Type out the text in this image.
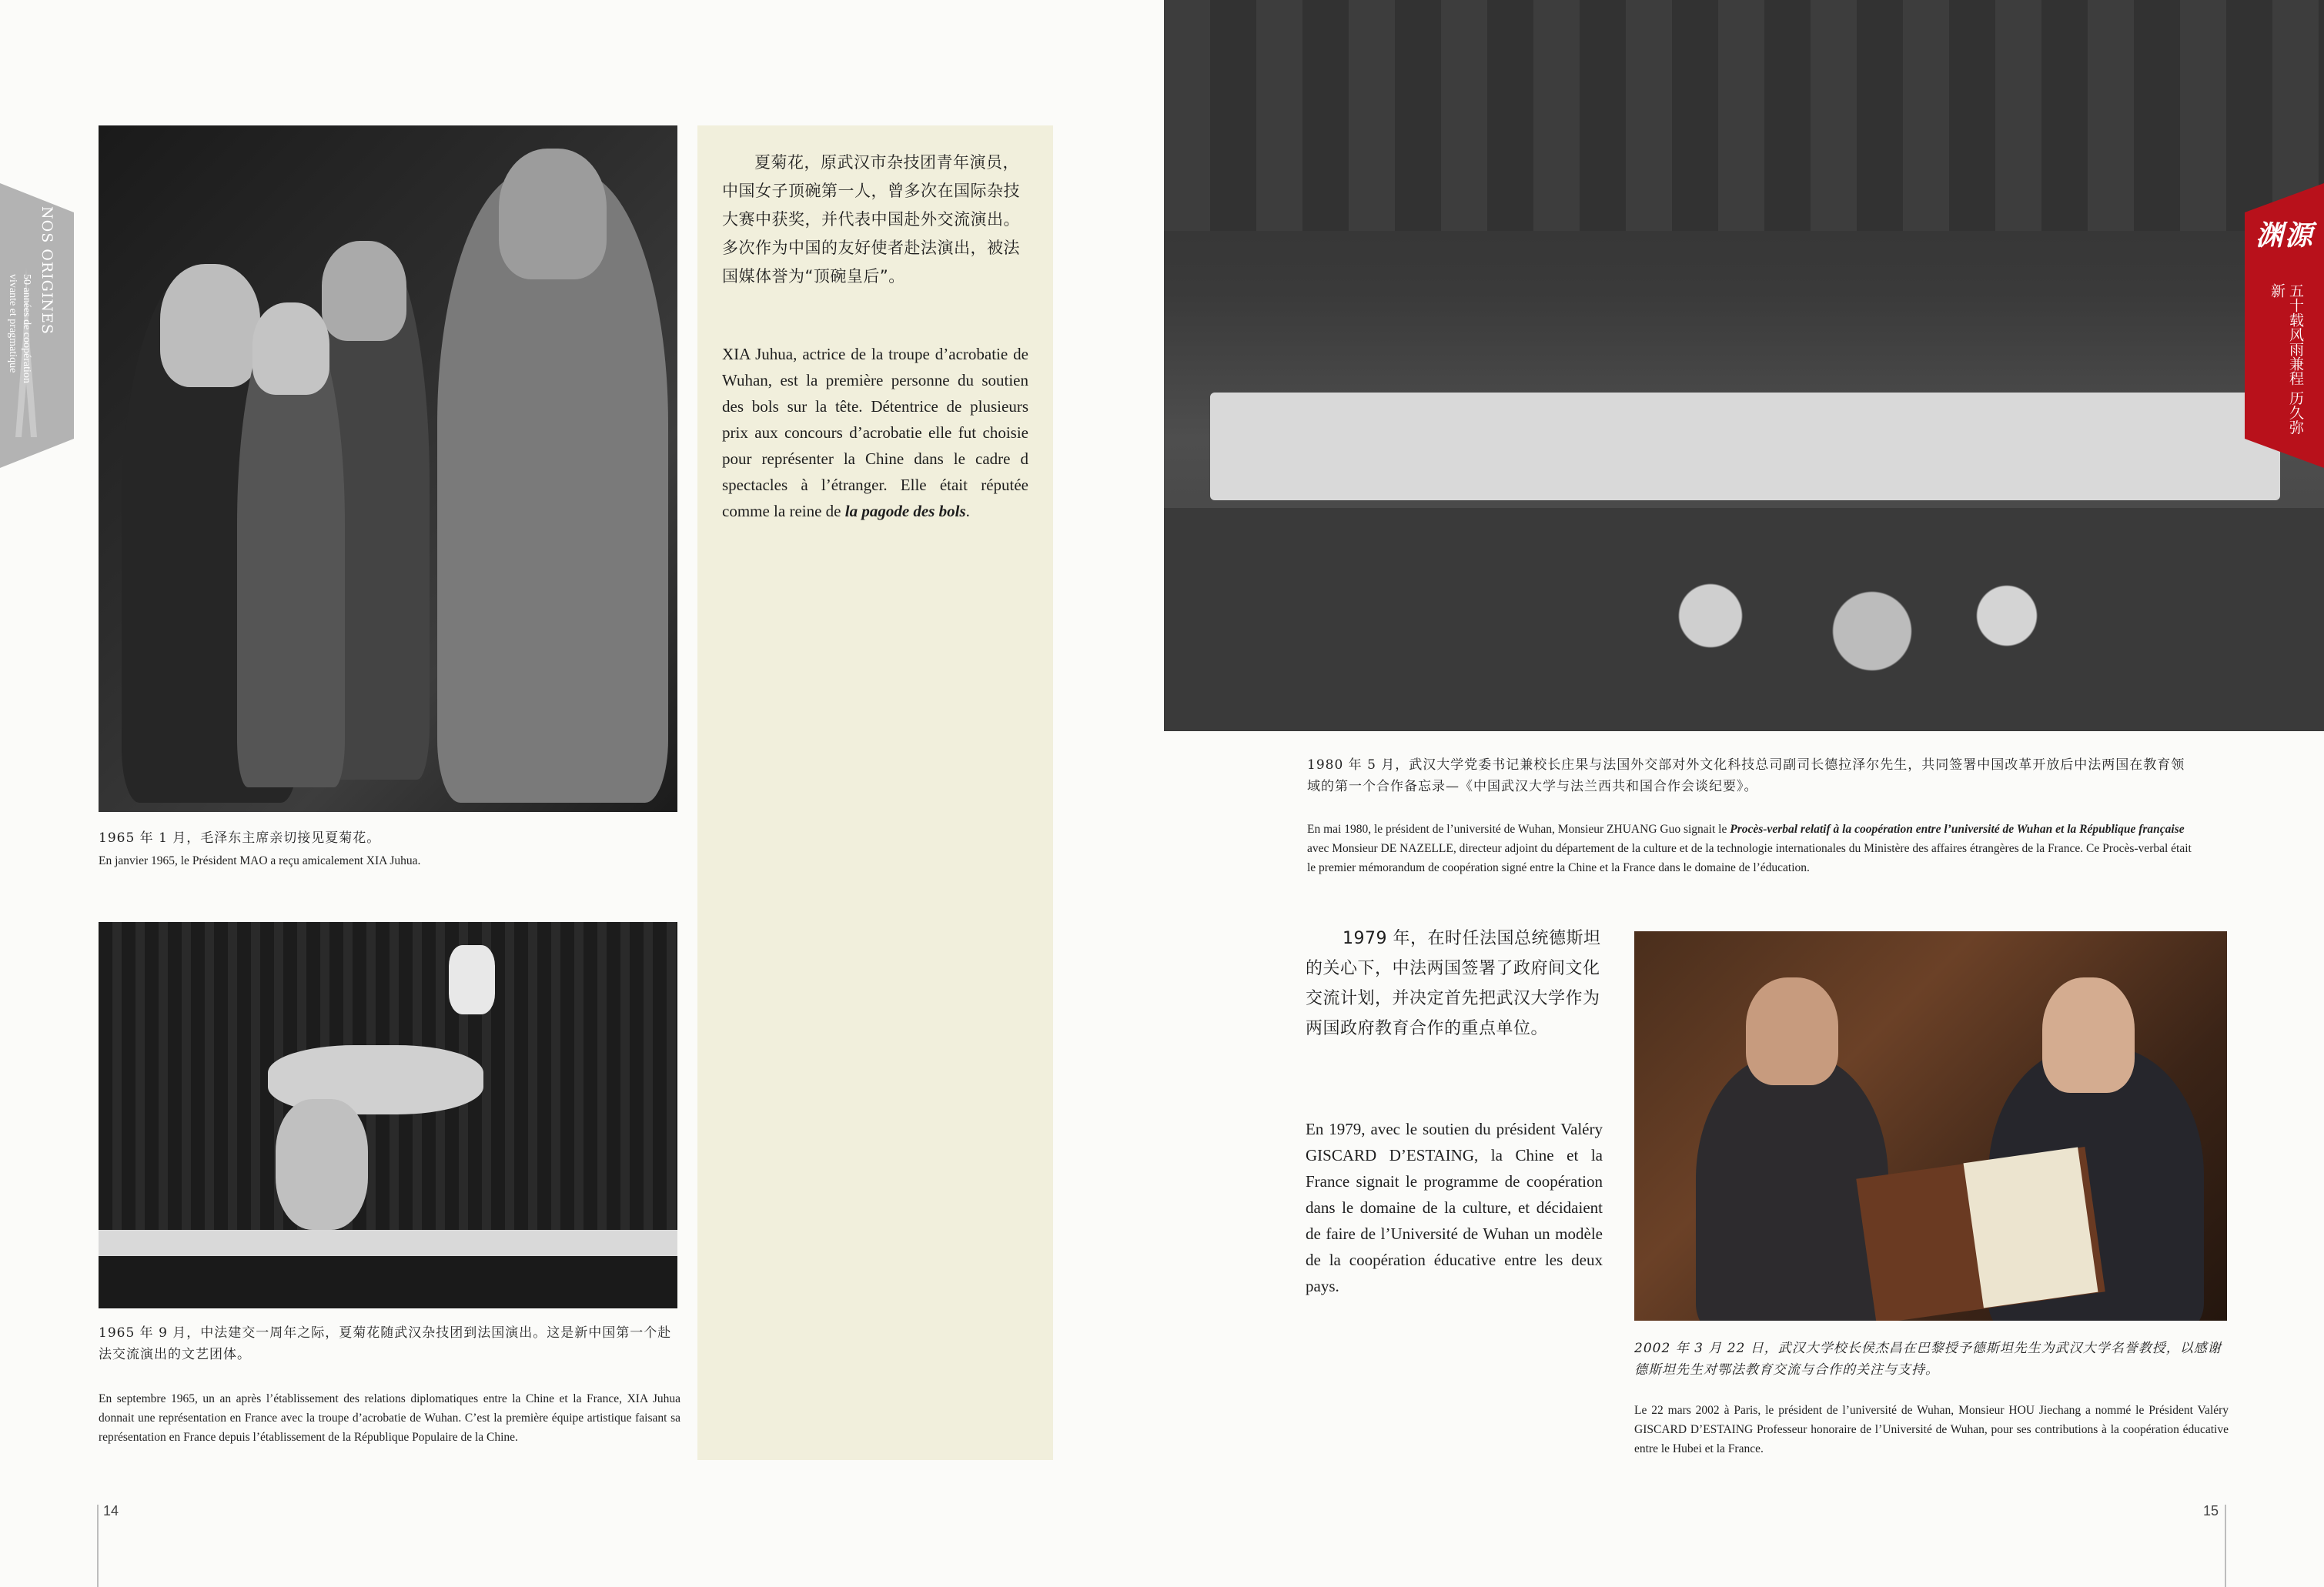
NOS ORIGINES
50 années de coopération
vivante et pragmatique
1965 年 1 月，毛泽东主席亲切接见夏菊花。
En janvier 1965, le Président MAO a reçu amicalement XIA Juhua.
夏菊花，原武汉市杂技团青年演员，中国女子顶碗第一人，曾多次在国际杂技大赛中获奖，并代表中国赴外交流演出。多次作为中国的友好使者赴法演出，被法国媒体誉为“顶碗皇后”。
XIA Juhua, actrice de la troupe d’acrobatie de Wuhan, est la première personne du soutien des bols sur la tête. Détentrice de plusieurs prix aux concours d’acrobatie elle fut choisie pour représenter la Chine dans le cadre d spectacles à l’étranger. Elle était réputée comme la reine de la pagode des bols.
1965 年 9 月，中法建交一周年之际，夏菊花随武汉杂技团到法国演出。这是新中国第一个赴法交流演出的文艺团体。
En septembre 1965, un an après l’établissement des relations diplomatiques entre la Chine et la France, XIA Juhua donnait une représentation en France avec la troupe d’acrobatie de Wuhan. C’est la première équipe artistique faisant sa représentation en France depuis l’établissement de la République Populaire de la Chine.
14
1980 年 5 月，武汉大学党委书记兼校长庄果与法国外交部对外文化科技总司副司长德拉泽尔先生，共同签署中国改革开放后中法两国在教育领域的第一个合作备忘录—《中国武汉大学与法兰西共和国合作会谈纪要》。
En mai 1980, le président de l’université de Wuhan, Monsieur ZHUANG Guo signait le Procès-verbal relatif à la coopération entre l’université de Wuhan et la République française avec Monsieur DE NAZELLE, directeur adjoint du département de la culture et de la technologie internationales du Ministère des affaires étrangères de la France. Ce Procès-verbal était le premier mémorandum de coopération signé entre la Chine et la France dans le domaine de l’éducation.
渊源
五十载风雨兼程 历久弥新
1979 年，在时任法国总统德斯坦的关心下，中法两国签署了政府间文化交流计划，并决定首先把武汉大学作为两国政府教育合作的重点单位。
En 1979, avec le soutien du président Valéry GISCARD D’ESTAING, la Chine et la France signait le programme de coopération dans le domaine de la culture, et décidaient de faire de l’Université de Wuhan un modèle de la coopération éducative entre les deux pays.
2002 年 3 月 22 日，武汉大学校长侯杰昌在巴黎授予德斯坦先生为武汉大学名誉教授，以感谢德斯坦先生对鄂法教育交流与合作的关注与支持。
Le 22 mars 2002 à Paris, le président de l’université de Wuhan, Monsieur HOU Jiechang a nommé le Président Valéry GISCARD D’ESTAING Professeur honoraire de l’Université de Wuhan, pour ses contributions à la coopération éducative entre le Hubei et la France.
15
